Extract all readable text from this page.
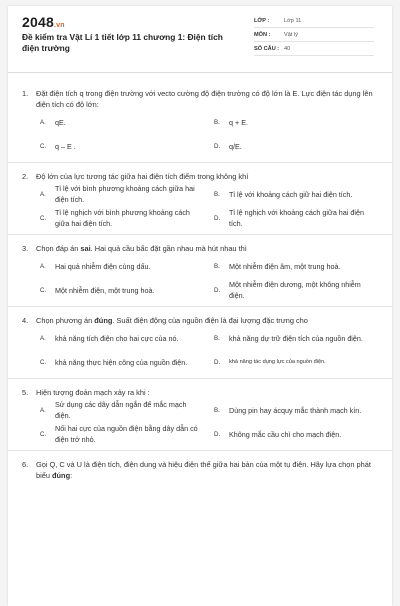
2048.vn
Đề kiểm tra Vật Lí 1 tiết lớp 11 chương 1: Điện tích điện trường
LỚP :	Lớp 11
MÔN :	Vật lý
SỐ CÂU : 40
1.	Đặt điện tích q trong điện trường với vecto cường độ điện trường có độ lớn là E. Lực điện tác dụng lên điện tích có độ lớn:
A.	qE.	B.	q + E.
C.	q – E .	D.	q/E.
2.	Độ lớn của lực tương tác giữa hai điện tích điểm trong không khí
A.
Tỉ lệ với bình phương khoảng cách giữa hai điện tích.
B.	Tỉ lệ với khoảng cách giữ hai điện tích.
C.
Tỉ lệ nghịch với bình phương khoảng cách giữa hai điện tích.
D.
Tỉ lệ nghịch với khoảng cách giữa hai điện tích.
3.	Chọn đáp án sai. Hai quả cầu bấc đặt gần nhau mà hút nhau thì
A.	Hai quả nhiễm điện cùng dấu.	B.	Một nhiễm điện âm, một trung hoà.
C.	Một nhiễm điện, một trung hoà.	D.
Một nhiễm điện dương, một không nhiễm điện.
4.	Chọn phương án đúng. Suất điện động của nguồn điện là đại lượng đặc trưng cho
A.	khả năng tích điện cho hai cực của nó.	B.	khả năng dự trữ điện tích của nguồn điện.
C.	khả năng thực hiện công của nguồn điện.	D.	khả năng tác dụng lực của nguồn điện.
5.	Hiện tượng đoản mạch xảy ra khi :
A.
Sử dụng các dây dẫn ngắn để mắc mạch điện.
B.	Dùng pin hay ácquy mắc thành mạch kín.
C.
Nối hai cực của nguồn điện bằng dây dẫn có điện trở nhỏ.
D.	Không mắc cầu chì cho mạch điện.
6.	Gọi Q, C và U là điện tích, điện dung và hiệu điện thế giữa hai bản của một tụ điện. Hãy lựa chọn phát biểu đúng:
